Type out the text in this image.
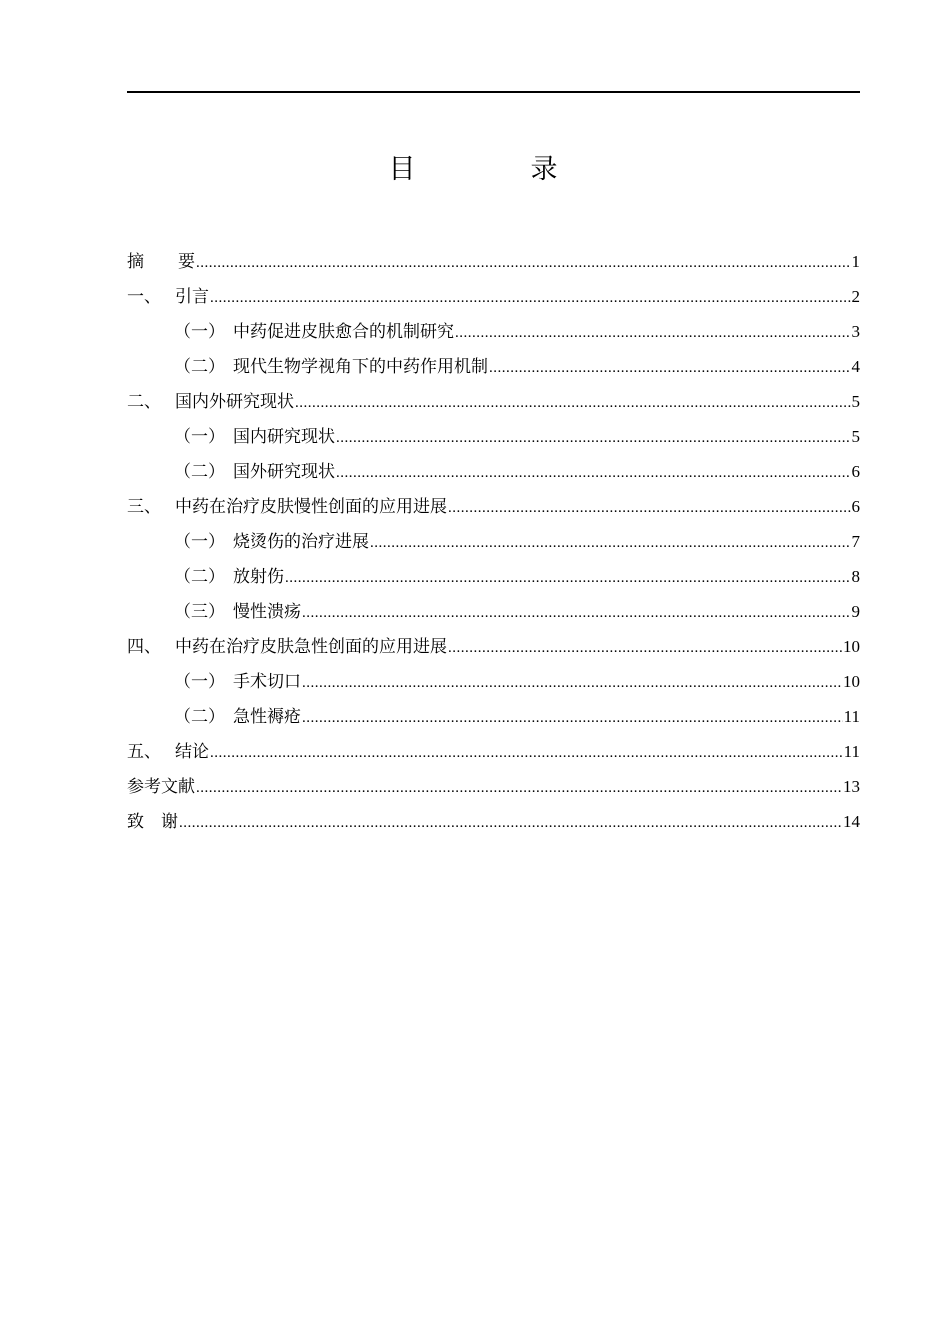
目　录
摘　　要 .....	1
一、 引言 .....	2
（一） 中药促进皮肤愈合的机制研究 .....	3
（二） 现代生物学视角下的中药作用机制 .....	4
二、 国内外研究现状 .....	5
（一） 国内研究现状 .....	5
（二） 国外研究现状 .....	6
三、 中药在治疗皮肤慢性创面的应用进展 .....	6
（一） 烧烫伤的治疗进展 .....	7
（二） 放射伤 .....	8
（三） 慢性溃疡 .....	9
四、 中药在治疗皮肤急性创面的应用进展 .....	10
（一） 手术切口 .....	10
（二） 急性褥疮 .....	11
五、 结论 .....	11
参考文献 .....	13
致　谢 .....	14
